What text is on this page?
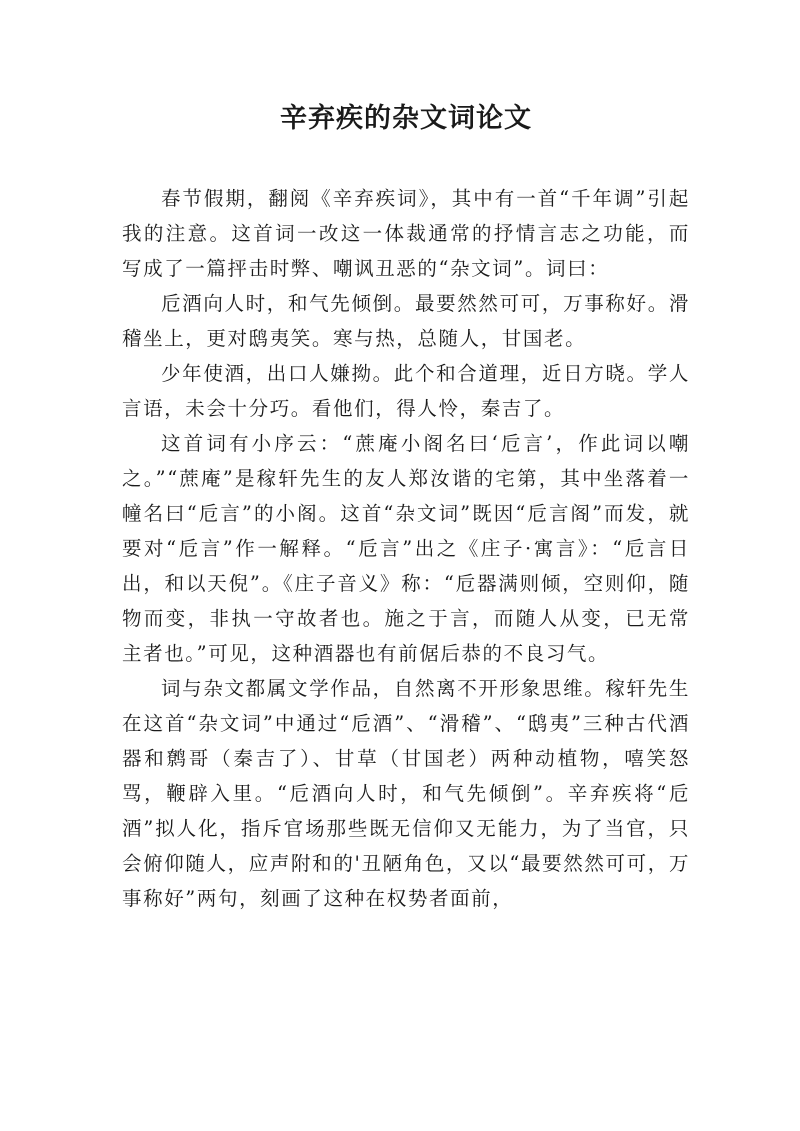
辛弃疾的杂文词论文

春节假期，翻阅《辛弃疾词》，其中有一首“千年调”引起我的注意。这首词一改这一体裁通常的抒情言志之功能，而写成了一篇抨击时弊、嘲讽丑恶的“杂文词”。词曰：

卮酒向人时，和气先倾倒。最要然然可可，万事称好。滑稽坐上，更对鸱夷笑。寒与热，总随人，甘国老。

少年使酒，出口人嫌拗。此个和合道理，近日方晓。学人言语，未会十分巧。看他们，得人怜，秦吉了。

这首词有小序云：“蔗庵小阁名曰‘卮言’，作此词以嘲之。”“蔗庵”是稼轩先生的友人郑汝谐的宅第，其中坐落着一幢名曰“卮言”的小阁。这首“杂文词”既因“卮言阁”而发，就要对“卮言”作一解释。“卮言”出之《庄子·寓言》：“卮言日出，和以天倪”。《庄子音义》称：“卮器满则倾，空则仰，随物而变，非执一守故者也。施之于言，而随人从变，已无常主者也。”可见，这种酒器也有前倨后恭的不良习气。

词与杂文都属文学作品，自然离不开形象思维。稼轩先生在这首“杂文词”中通过“卮酒”、“滑稽”、“鸱夷”三种古代酒器和鹩哥（秦吉了）、甘草（甘国老）两种动植物，嘻笑怒骂，鞭辟入里。“卮酒向人时，和气先倾倒”。辛弃疾将“卮酒”拟人化，指斥官场那些既无信仰又无能力，为了当官，只会俯仰随人，应声附和的'丑陋角色，又以“最要然然可可，万事称好”两句，刻画了这种在权势者面前，
